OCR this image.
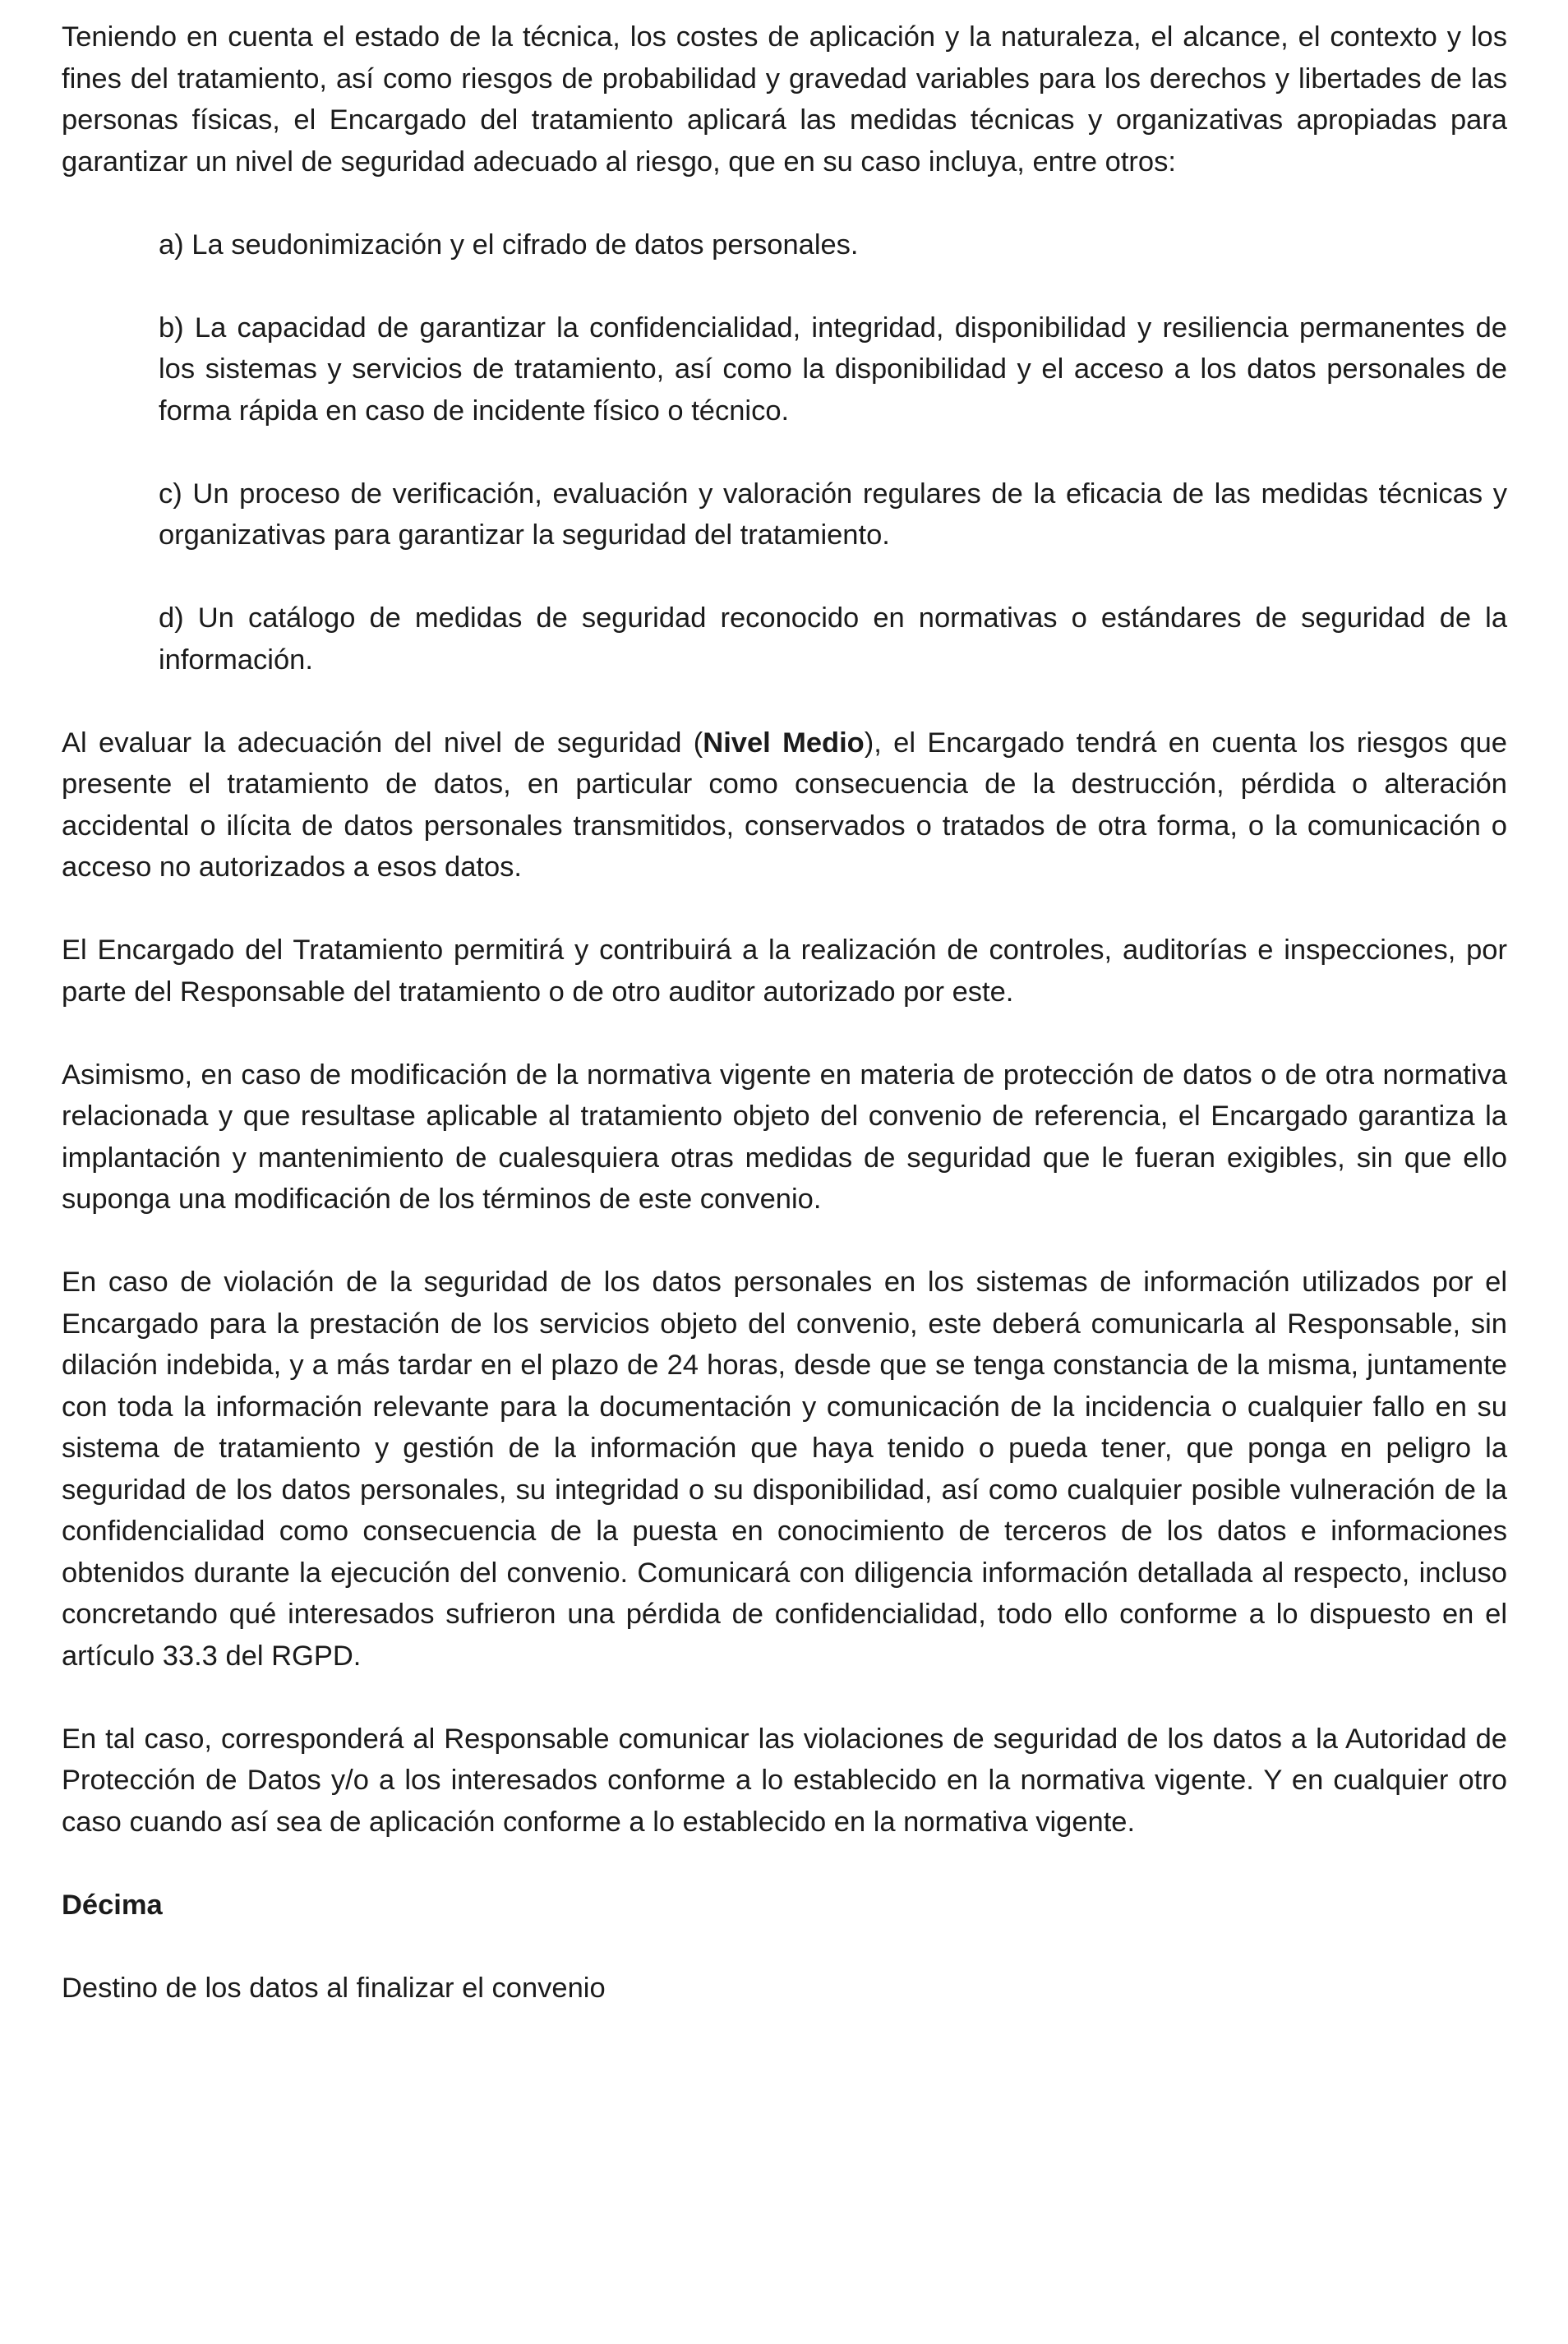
Teniendo en cuenta el estado de la técnica, los costes de aplicación y la naturaleza, el alcance, el contexto y los fines del tratamiento, así como riesgos de probabilidad y gravedad variables para los derechos y libertades de las personas físicas, el Encargado del tratamiento aplicará las medidas técnicas y organizativas apropiadas para garantizar un nivel de seguridad adecuado al riesgo, que en su caso incluya, entre otros:

a) La seudonimización y el cifrado de datos personales.

b) La capacidad de garantizar la confidencialidad, integridad, disponibilidad y resiliencia permanentes de los sistemas y servicios de tratamiento, así como la disponibilidad y el acceso a los datos personales de forma rápida en caso de incidente físico o técnico.

c) Un proceso de verificación, evaluación y valoración regulares de la eficacia de las medidas técnicas y organizativas para garantizar la seguridad del tratamiento.

d) Un catálogo de medidas de seguridad reconocido en normativas o estándares de seguridad de la información.

Al evaluar la adecuación del nivel de seguridad (Nivel Medio), el Encargado tendrá en cuenta los riesgos que presente el tratamiento de datos, en particular como consecuencia de la destrucción, pérdida o alteración accidental o ilícita de datos personales transmitidos, conservados o tratados de otra forma, o la comunicación o acceso no autorizados a esos datos.

El Encargado del Tratamiento permitirá y contribuirá a la realización de controles, auditorías e inspecciones, por parte del Responsable del tratamiento o de otro auditor autorizado por este.

Asimismo, en caso de modificación de la normativa vigente en materia de protección de datos o de otra normativa relacionada y que resultase aplicable al tratamiento objeto del convenio de referencia, el Encargado garantiza la implantación y mantenimiento de cualesquiera otras medidas de seguridad que le fueran exigibles, sin que ello suponga una modificación de los términos de este convenio.

En caso de violación de la seguridad de los datos personales en los sistemas de información utilizados por el Encargado para la prestación de los servicios objeto del convenio, este deberá comunicarla al Responsable, sin dilación indebida, y a más tardar en el plazo de 24 horas, desde que se tenga constancia de la misma, juntamente con toda la información relevante para la documentación y comunicación de la incidencia o cualquier fallo en su sistema de tratamiento y gestión de la información que haya tenido o pueda tener, que ponga en peligro la seguridad de los datos personales, su integridad o su disponibilidad, así como cualquier posible vulneración de la confidencialidad como consecuencia de la puesta en conocimiento de terceros de los datos e informaciones obtenidos durante la ejecución del convenio. Comunicará con diligencia información detallada al respecto, incluso concretando qué interesados sufrieron una pérdida de confidencialidad, todo ello conforme a lo dispuesto en el artículo 33.3 del RGPD.

En tal caso, corresponderá al Responsable comunicar las violaciones de seguridad de los datos a la Autoridad de Protección de Datos y/o a los interesados conforme a lo establecido en la normativa vigente. Y en cualquier otro caso cuando así sea de aplicación conforme a lo establecido en la normativa vigente.

Décima

Destino de los datos al finalizar el convenio
